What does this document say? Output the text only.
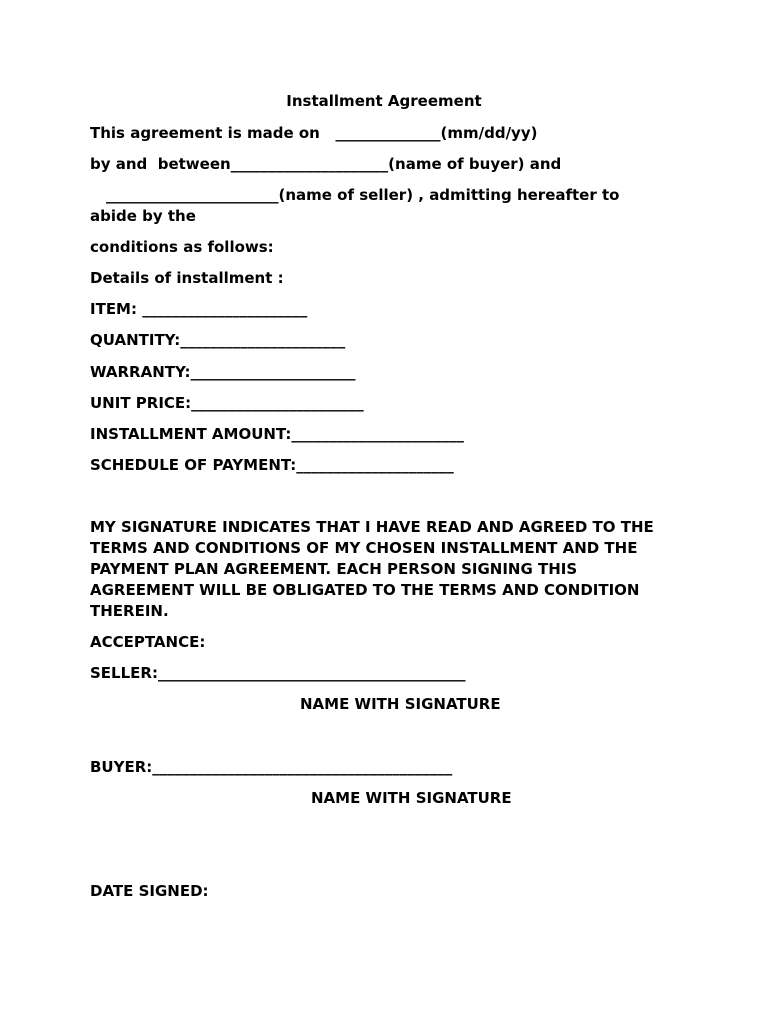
Installment Agreement

This agreement is made on   ______________(mm/dd/yy)

by and  between_____________________(name of buyer) and

_______________________(name of seller) , admitting hereafter to abide by the

conditions as follows:

Details of installment :

ITEM: ______________________

QUANTITY:______________________

WARRANTY:______________________

UNIT PRICE:_______________________

INSTALLMENT AMOUNT:_______________________

SCHEDULE OF PAYMENT:_____________________

MY SIGNATURE INDICATES THAT I HAVE READ AND AGREED TO THE TERMS AND CONDITIONS OF MY CHOSEN INSTALLMENT AND THE PAYMENT PLAN AGREEMENT. EACH PERSON SIGNING THIS AGREEMENT WILL BE OBLIGATED TO THE TERMS AND CONDITION THEREIN.

ACCEPTANCE:

SELLER:_________________________________________

NAME WITH SIGNATURE

BUYER:________________________________________

NAME WITH SIGNATURE

DATE SIGNED:
